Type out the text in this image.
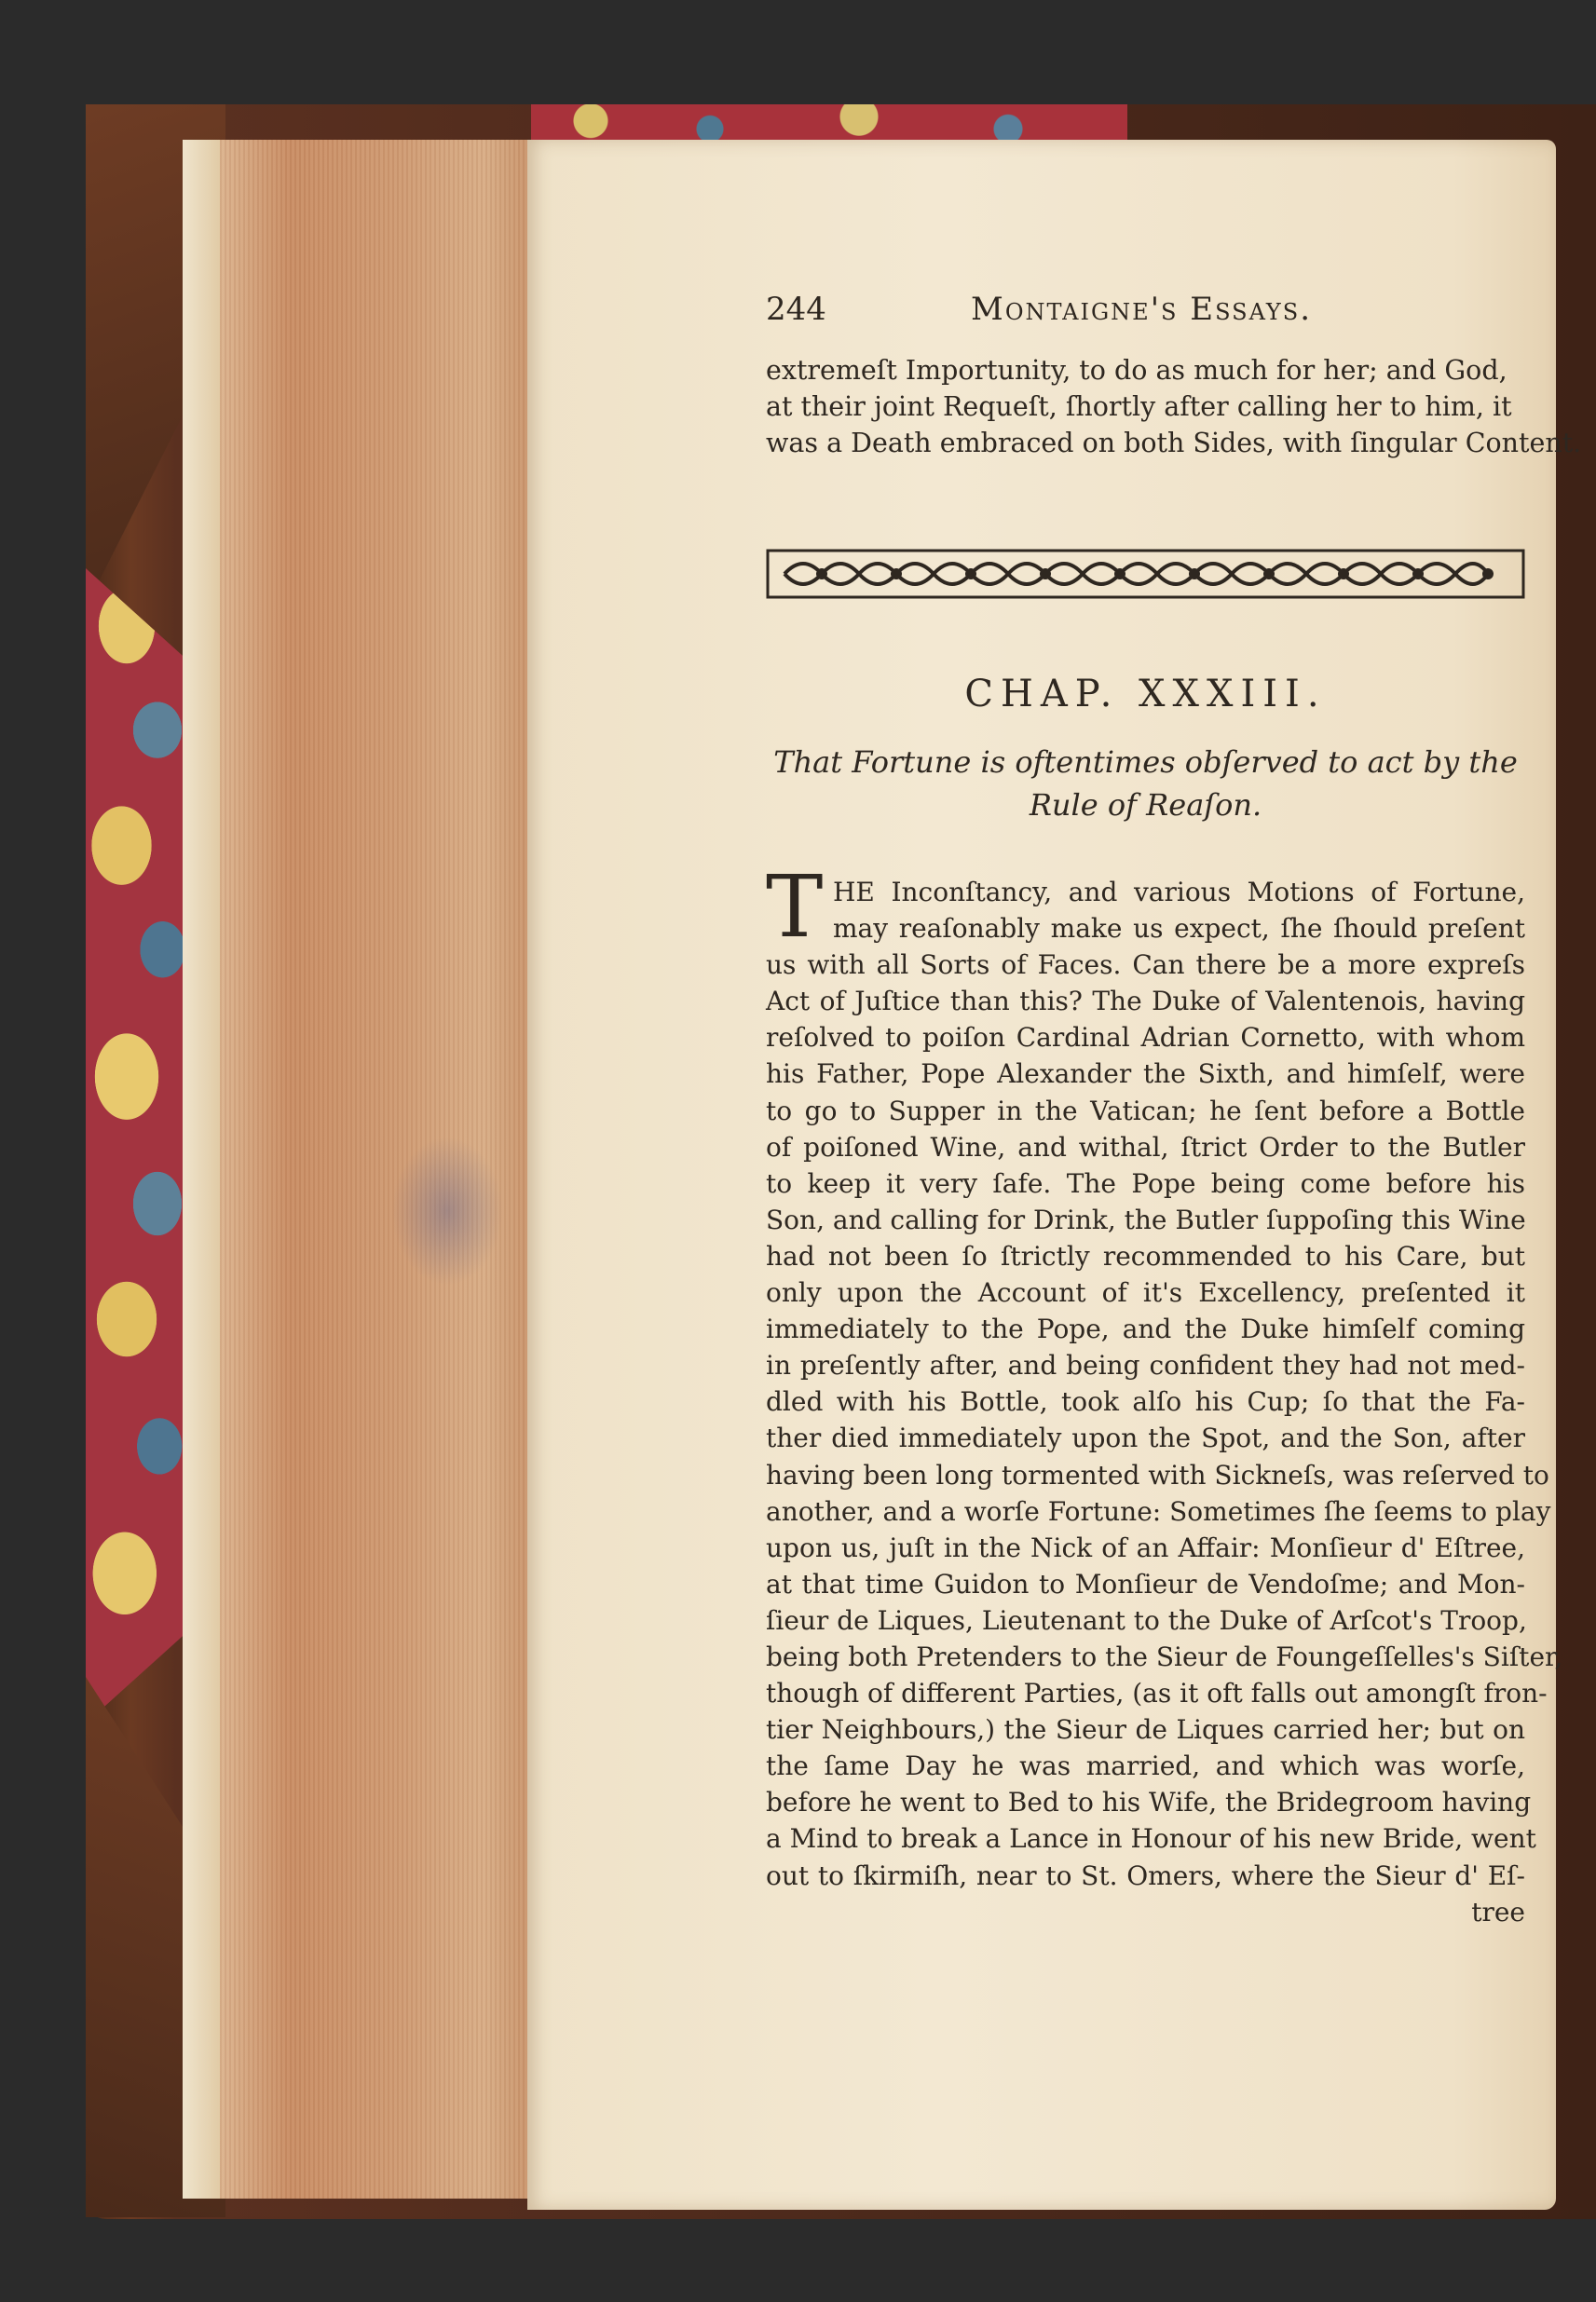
244	Montaigne's Essays.
extremeſt Importunity, to do as much for her; and God,
at their joint Requeſt, ſhortly after calling her to him, it
was a Death embraced on both Sides, with ſingular Content.
CHAP. XXXIII.
That Fortune is oftentimes obſerved to act by the
Rule of Reaſon.
T HE Inconſtancy, and various Motions of Fortune,
may reaſonably make us expect, ſhe ſhould preſent
us with all Sorts of Faces. Can there be a more expreſs
Act of Juſtice than this? The Duke of Valentenois, having
reſolved to poiſon Cardinal Adrian Cornetto, with whom
his Father, Pope Alexander the Sixth, and himſelf, were
to go to Supper in the Vatican; he ſent before a Bottle
of poiſoned Wine, and withal, ſtrict Order to the Butler
to keep it very ſafe. The Pope being come before his
Son, and calling for Drink, the Butler ſuppoſing this Wine
had not been ſo ſtrictly recommended to his Care, but
only upon the Account of it's Excellency, preſented it
immediately to the Pope, and the Duke himſelf coming
in preſently after, and being confident they had not med-
dled with his Bottle, took alſo his Cup; ſo that the Fa-
ther died immediately upon the Spot, and the Son, after
having been long tormented with Sickneſs, was reſerved to
another, and a worſe Fortune: Sometimes ſhe ſeems to play
upon us, juſt in the Nick of an Affair: Monſieur d' Eſtree,
at that time Guidon to Monſieur de Vendoſme; and Mon-
ſieur de Liques, Lieutenant to the Duke of Arſcot's Troop,
being both Pretenders to the Sieur de Foungeſſelles's Siſter,
though of different Parties, (as it oft falls out amongſt fron-
tier Neighbours,) the Sieur de Liques carried her; but on
the ſame Day he was married, and which was worſe,
before he went to Bed to his Wife, the Bridegroom having
a Mind to break a Lance in Honour of his new Bride, went
out to ſkirmiſh, near to St. Omers, where the Sieur d' Eſ-
tree
